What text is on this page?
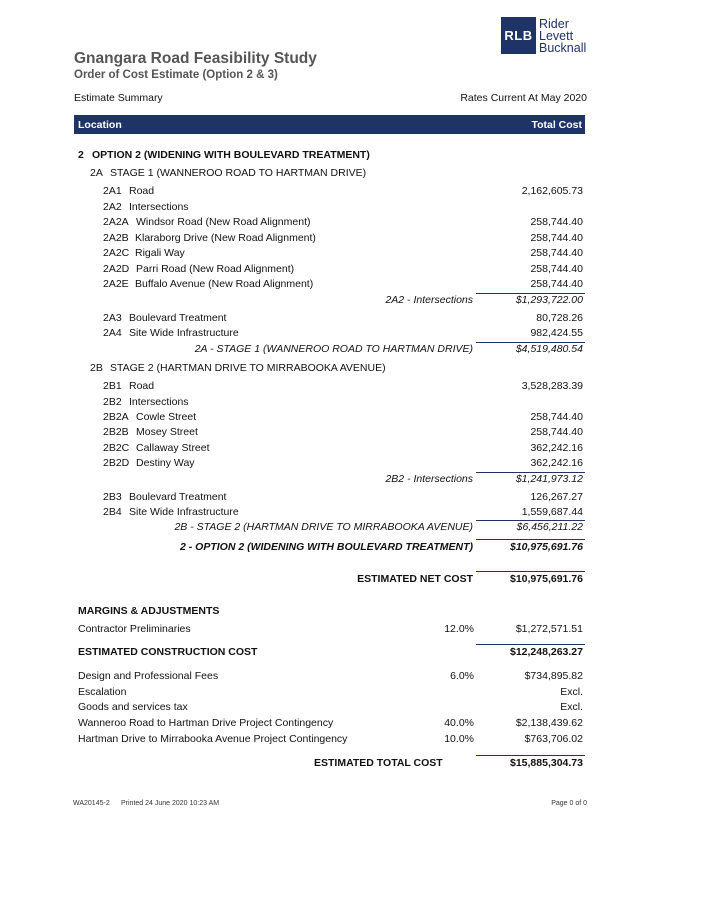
RLB
Rider
Levett
Bucknall
Gnangara Road Feasibility Study
Order of Cost Estimate (Option 2 & 3)
Estimate Summary	Rates Current At May 2020
Location	Total Cost
2 OPTION 2 (WIDENING WITH BOULEVARD TREATMENT)
2A STAGE 1 (WANNEROO ROAD TO HARTMAN DRIVE)
2A1 Road	2,162,605.73
2A2 Intersections
2A2A Windsor Road (New Road Alignment)	258,744.40
2A2B Klaraborg Drive (New Road Alignment)	258,744.40
2A2C Rigali Way	258,744.40
2A2D Parri Road (New Road Alignment)	258,744.40
2A2E Buffalo Avenue (New Road Alignment)	258,744.40
2A2 - Intersections	$1,293,722.00
2A3 Boulevard Treatment	80,728.26
2A4 Site Wide Infrastructure	982,424.55
2A - STAGE 1 (WANNEROO ROAD TO HARTMAN DRIVE)	$4,519,480.54
2B STAGE 2 (HARTMAN DRIVE TO MIRRABOOKA AVENUE)
2B1 Road	3,528,283.39
2B2 Intersections
2B2A Cowle Street	258,744.40
2B2B Mosey Street	258,744.40
2B2C Callaway Street	362,242.16
2B2D Destiny Way	362,242.16
2B2 - Intersections	$1,241,973.12
2B3 Boulevard Treatment	126,267.27
2B4 Site Wide Infrastructure	1,559,687.44
2B - STAGE 2 (HARTMAN DRIVE TO MIRRABOOKA AVENUE)	$6,456,211.22
2 - OPTION 2 (WIDENING WITH BOULEVARD TREATMENT)	$10,975,691.76
ESTIMATED NET COST	$10,975,691.76
MARGINS & ADJUSTMENTS
Contractor Preliminaries	12.0%	$1,272,571.51
ESTIMATED CONSTRUCTION COST	$12,248,263.27
Design and Professional Fees	6.0%	$734,895.82
Escalation	Excl.
Goods and services tax	Excl.
Wanneroo Road to Hartman Drive Project Contingency	40.0%	$2,138,439.62
Hartman Drive to Mirrabooka Avenue Project Contingency	10.0%	$763,706.02
ESTIMATED TOTAL COST	$15,885,304.73
WA20145-2 Printed 24 June 2020 10:23 AM	Page 0 of 0
